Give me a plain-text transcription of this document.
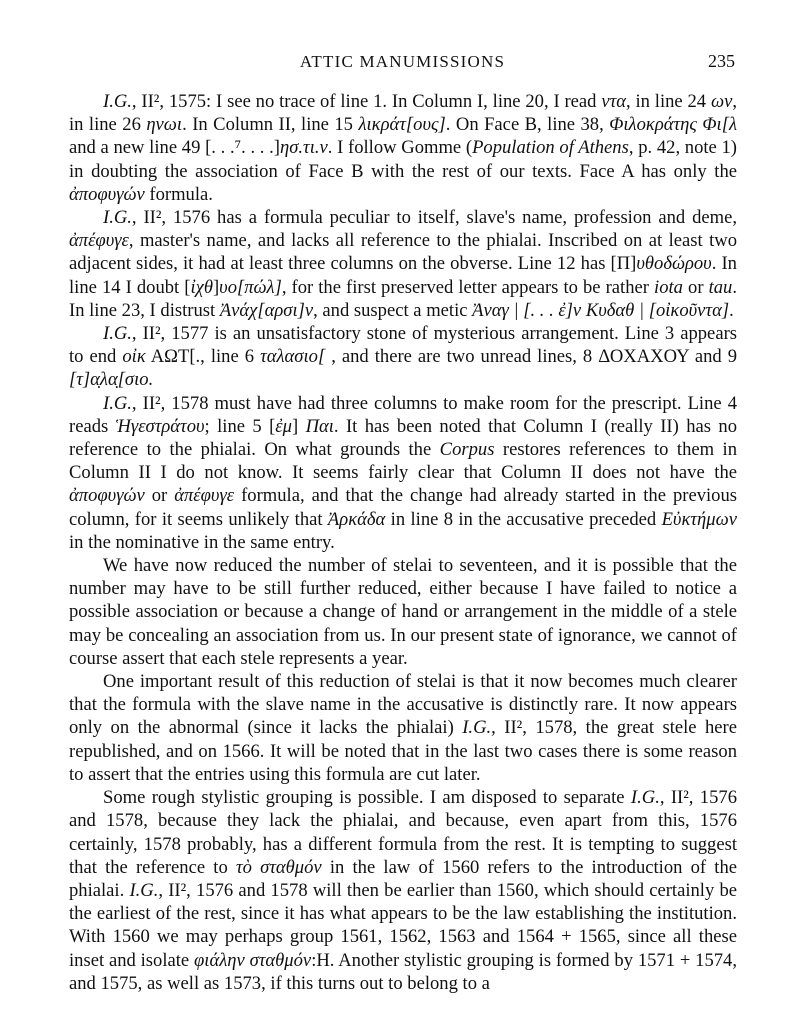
ATTIC MANUMISSIONS	235

I.G., II², 1575: I see no trace of line 1. In Column I, line 20, I read ντα, in line 24 ων, in line 26 ηνωι. In Column II, line 15 λικράτ[ους]. On Face B, line 38, Φιλοκράτης Φι[λ and a new line 49 [. . .⁷. . . .]ησ.τι.ν. I follow Gomme (Population of Athens, p. 42, note 1) in doubting the association of Face B with the rest of our texts. Face A has only the ἀποφυγών formula.

I.G., II², 1576 has a formula peculiar to itself, slave's name, profession and deme, ἀπέφυγε, master's name, and lacks all reference to the phialai. Inscribed on at least two adjacent sides, it had at least three columns on the obverse. Line 12 has [Π]υθοδώρου. In line 14 I doubt [ἰχθ]υο[πώλ], for the first preserved letter appears to be rather iota or tau. In line 23, I distrust Ἀνάχ[αρσι]ν, and suspect a metic Ἀναγ | [. . . ἐ]ν Κυδαθ | [οἰκοῦντα].

I.G., II², 1577 is an unsatisfactory stone of mysterious arrangement. Line 3 appears to end οἰκ ΑΩΤ[., line 6 ταλασιο[ , and there are two unread lines, 8 ΔΟΧΑΧΟΥ and 9 [τ]α̣λα̣[σιο.

I.G., II², 1578 must have had three columns to make room for the prescript. Line 4 reads Ἡγεστράτου; line 5 [ἐμ] Παι. It has been noted that Column I (really II) has no reference to the phialai. On what grounds the Corpus restores references to them in Column II I do not know. It seems fairly clear that Column II does not have the ἀποφυγών or ἀπέφυγε formula, and that the change had already started in the previous column, for it seems unlikely that Ἀρκάδα in line 8 in the accusative preceded Εὐκτήμων in the nominative in the same entry.

We have now reduced the number of stelai to seventeen, and it is possible that the number may have to be still further reduced, either because I have failed to notice a possible association or because a change of hand or arrangement in the middle of a stele may be concealing an association from us. In our present state of ignorance, we cannot of course assert that each stele represents a year.

One important result of this reduction of stelai is that it now becomes much clearer that the formula with the slave name in the accusative is distinctly rare. It now appears only on the abnormal (since it lacks the phialai) I.G., II², 1578, the great stele here republished, and on 1566. It will be noted that in the last two cases there is some reason to assert that the entries using this formula are cut later.

Some rough stylistic grouping is possible. I am disposed to separate I.G., II², 1576 and 1578, because they lack the phialai, and because, even apart from this, 1576 certainly, 1578 probably, has a different formula from the rest. It is tempting to suggest that the reference to τὸ σταθμόν in the law of 1560 refers to the introduction of the phialai. I.G., II², 1576 and 1578 will then be earlier than 1560, which should certainly be the earliest of the rest, since it has what appears to be the law establishing the institution. With 1560 we may perhaps group 1561, 1562, 1563 and 1564 + 1565, since all these inset and isolate φιάλην σταθμόν:H. Another stylistic grouping is formed by 1571 + 1574, and 1575, as well as 1573, if this turns out to belong to a
